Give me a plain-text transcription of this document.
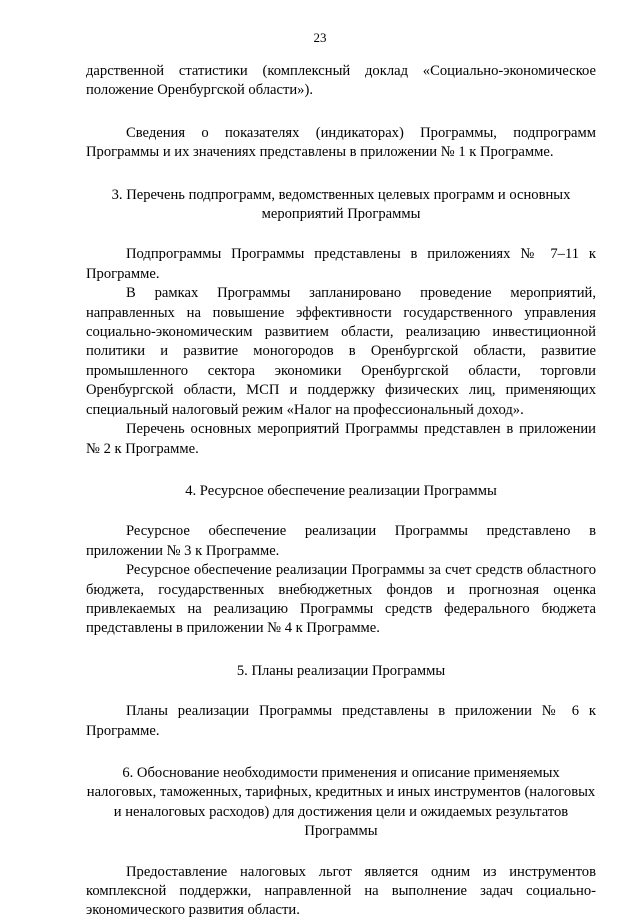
23

дарственной статистики (комплексный доклад «Социально-экономическое положение Оренбургской области»).

Сведения о показателях (индикаторах) Программы, подпрограмм Программы и их значениях представлены в приложении № 1 к Программе.

3. Перечень подпрограмм, ведомственных целевых программ и основных мероприятий Программы

Подпрограммы Программы представлены в приложениях № 7–11 к Программе.

В рамках Программы запланировано проведение мероприятий, направленных на повышение эффективности государственного управления социально-экономическим развитием области, реализацию инвестиционной политики и развитие моногородов в Оренбургской области, развитие промышленного сектора экономики Оренбургской области, торговли Оренбургской области, МСП и поддержку физических лиц, применяющих специальный налоговый режим «Налог на профессиональный доход».

Перечень основных мероприятий Программы представлен в приложении № 2 к Программе.

4. Ресурсное обеспечение реализации Программы

Ресурсное обеспечение реализации Программы представлено в приложении № 3 к Программе.

Ресурсное обеспечение реализации Программы за счет средств областного бюджета, государственных внебюджетных фондов и прогнозная оценка привлекаемых на реализацию Программы средств федерального бюджета представлены в приложении № 4 к Программе.

5. Планы реализации Программы

Планы реализации Программы представлены в приложении № 6 к Программе.

6. Обоснование необходимости применения и описание применяемых налоговых, таможенных, тарифных, кредитных и иных инструментов (налоговых и неналоговых расходов) для достижения цели и ожидаемых результатов Программы

Предоставление налоговых льгот является одним из инструментов комплексной поддержки, направленной на выполнение задач социально-экономического развития области.
